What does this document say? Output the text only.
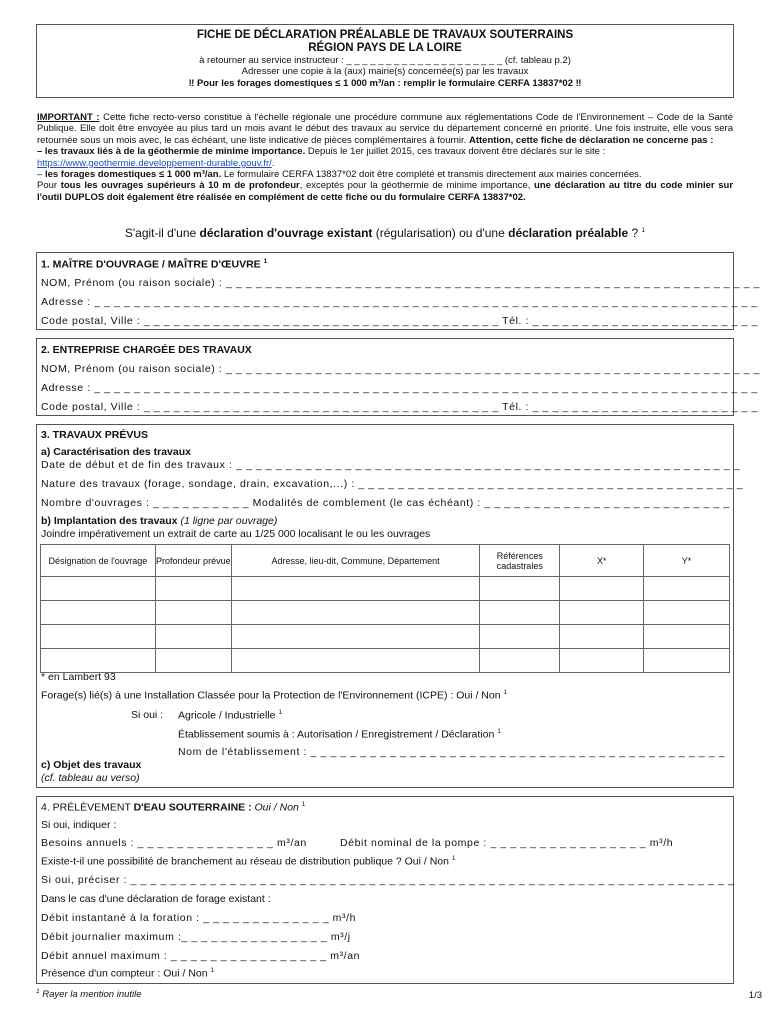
FICHE DE DÉCLARATION PRÉALABLE DE TRAVAUX SOUTERRAINS
RÉGION PAYS DE LA LOIRE
à retourner au service instructeur : _ _ _ _ _ _ _ _ _ _ _ _ _ _ _ _ _ _ _ _ (cf. tableau p.2)
Adresser une copie à la (aux) mairie(s) concernée(s) par les travaux
‼ Pour les forages domestiques ≤ 1 000 m³/an : remplir le formulaire CERFA 13837*02 ‼
IMPORTANT : Cette fiche recto-verso constitue à l'échelle régionale une procédure commune aux réglementations Code de l'Environnement – Code de la Santé Publique. Elle doit être envoyée au plus tard un mois avant le début des travaux au service du département concerné en priorité. Une fois instruite, elle vous sera retournée sous un mois avec, le cas échéant, une liste indicative de pièces complémentaires à fournir. Attention, cette fiche de déclaration ne concerne pas :
– les travaux liés à de la géothermie de minime importance. Depuis le 1er juillet 2015, ces travaux doivent être déclarés sur le site :
https://www.geothermie.developpement-durable.gouv.fr/.
– les forages domestiques ≤ 1 000 m³/an. Le formulaire CERFA 13837*02 doit être complété et transmis directement aux mairies concernées.
Pour tous les ouvrages supérieurs à 10 m de profondeur, exceptés pour la géothermie de minime importance, une déclaration au titre du code minier sur l'outil DUPLOS doit également être réalisée en complément de cette fiche ou du formulaire CERFA 13837*02.
S'agit-il d'une déclaration d'ouvrage existant (régularisation) ou d'une déclaration préalable ? $^1$
1. MAÎTRE D'OUVRAGE / MAÎTRE D'ŒUVRE $^1$
NOM, Prénom (ou raison sociale) : _ _ _ _ _ _ _ _ _ _ _ _ _ _ _ _ _ _ _ _ _ _ _ _ _ _ _ _ _ _ _ _ _ _ _ _ _ _ _ _ _ _ _ _ _ _ _ _ _ _ _ _ _ _
Adresse : _ _ _ _ _ _ _ _ _ _ _ _ _ _ _ _ _ _ _ _ _ _ _ _ _ _ _ _ _ _ _ _ _ _ _ _ _ _ _ _ _ _ _ _ _ _ _ _ _ _ _ _ _ _ _ _ _ _ _ _ _ _ _ _ _ _ _
Code postal, Ville : _ _ _ _ _ _ _ _ _ _ _ _ _ _ _ _ _ _ _ _ _ _ _ _ _ _ _ _ _ _ _ _ _ _ _ _ Tél. : _ _ _ _ _ _ _ _ _ _ _ _ _ _ _ _ _ _ _ _ _ _ _
2. ENTREPRISE CHARGÉE DES TRAVAUX
NOM, Prénom (ou raison sociale) : _ _ _ _ _ _ _ _ _ _ _ _ _ _ _ _ _ _ _ _ _ _ _ _ _ _ _ _ _ _ _ _ _ _ _ _ _ _ _ _ _ _ _ _ _ _ _ _ _ _ _ _ _ _
Adresse : _ _ _ _ _ _ _ _ _ _ _ _ _ _ _ _ _ _ _ _ _ _ _ _ _ _ _ _ _ _ _ _ _ _ _ _ _ _ _ _ _ _ _ _ _ _ _ _ _ _ _ _ _ _ _ _ _ _ _ _ _ _ _ _ _ _ _
Code postal, Ville : _ _ _ _ _ _ _ _ _ _ _ _ _ _ _ _ _ _ _ _ _ _ _ _ _ _ _ _ _ _ _ _ _ _ _ _ Tél. : _ _ _ _ _ _ _ _ _ _ _ _ _ _ _ _ _ _ _ _ _ _ _
3. TRAVAUX PRÉVUS
a) Caractérisation des travaux
Date de début et de fin des travaux : _ _ _ _ _ _ _ _ _ _ _ _ _ _ _ _ _ _ _ _ _ _ _ _ _ _ _ _ _ _ _ _ _ _ _ _ _ _ _ _ _ _ _ _ _ _ _ _ _ _ _
Nature des travaux (forage, sondage, drain, excavation,...) : _ _ _ _ _ _ _ _ _ _ _ _ _ _ _ _ _ _ _ _ _ _ _ _ _ _ _ _ _ _ _ _ _ _ _ _ _ _ _
Nombre d'ouvrages : _ _ _ _ _ _ _ _ _ _ Modalités de comblement (le cas échéant) : _ _ _ _ _ _ _ _ _ _ _ _ _ _ _ _ _ _ _ _ _ _ _ _ _
b) Implantation des travaux (1 ligne par ouvrage)
Joindre impérativement un extrait de carte au 1/25 000 localisant le ou les ouvrages
* en Lambert 93
Forage(s) lié(s) à une Installation Classée pour la Protection de l'Environnement (ICPE) : Oui / Non $^1$
Si oui : Agricole / Industrielle $^1$
Établissement soumis à : Autorisation / Enregistrement / Déclaration $^1$
Nom de l'établissement : _ _ _ _ _ _ _ _ _ _ _ _ _ _ _ _ _ _ _ _ _ _ _ _ _ _ _ _ _ _ _ _ _ _ _ _ _ _ _ _ _ _
c) Objet des travaux
(cf. tableau au verso)
Désignation de l'ouvrage	Profondeur prévue	Adresse, lieu-dit, Commune, Département	Références cadastrales	X*	Y*

4. PRÉLÈVEMENT D'EAU SOUTERRAINE : Oui / Non $^1$
Si oui, indiquer :
Besoins annuels : _ _ _ _ _ _ _ _ _ _ _ _ _ _ m³/an	Débit nominal de la pompe : _ _ _ _ _ _ _ _ _ _ _ _ _ _ _ _ m³/h
Existe-t-il une possibilité de branchement au réseau de distribution publique ? Oui / Non $^1$
Si oui, préciser : _ _ _ _ _ _ _ _ _ _ _ _ _ _ _ _ _ _ _ _ _ _ _ _ _ _ _ _ _ _ _ _ _ _ _ _ _ _ _ _ _ _ _ _ _ _ _ _ _ _ _ _ _ _ _ _ _ _ _ _ _
Dans le cas d'une déclaration de forage existant :
Débit instantané à la foration : _ _ _ _ _ _ _ _ _ _ _ _ _ m³/h
Débit journalier maximum :_ _ _ _ _ _ _ _ _ _ _ _ _ _ _ m³/j
Débit annuel maximum : _ _ _ _ _ _ _ _ _ _ _ _ _ _ _ _ m³/an
Présence d'un compteur : Oui / Non $^1$
$^1$ Rayer la mention inutile	1/3
